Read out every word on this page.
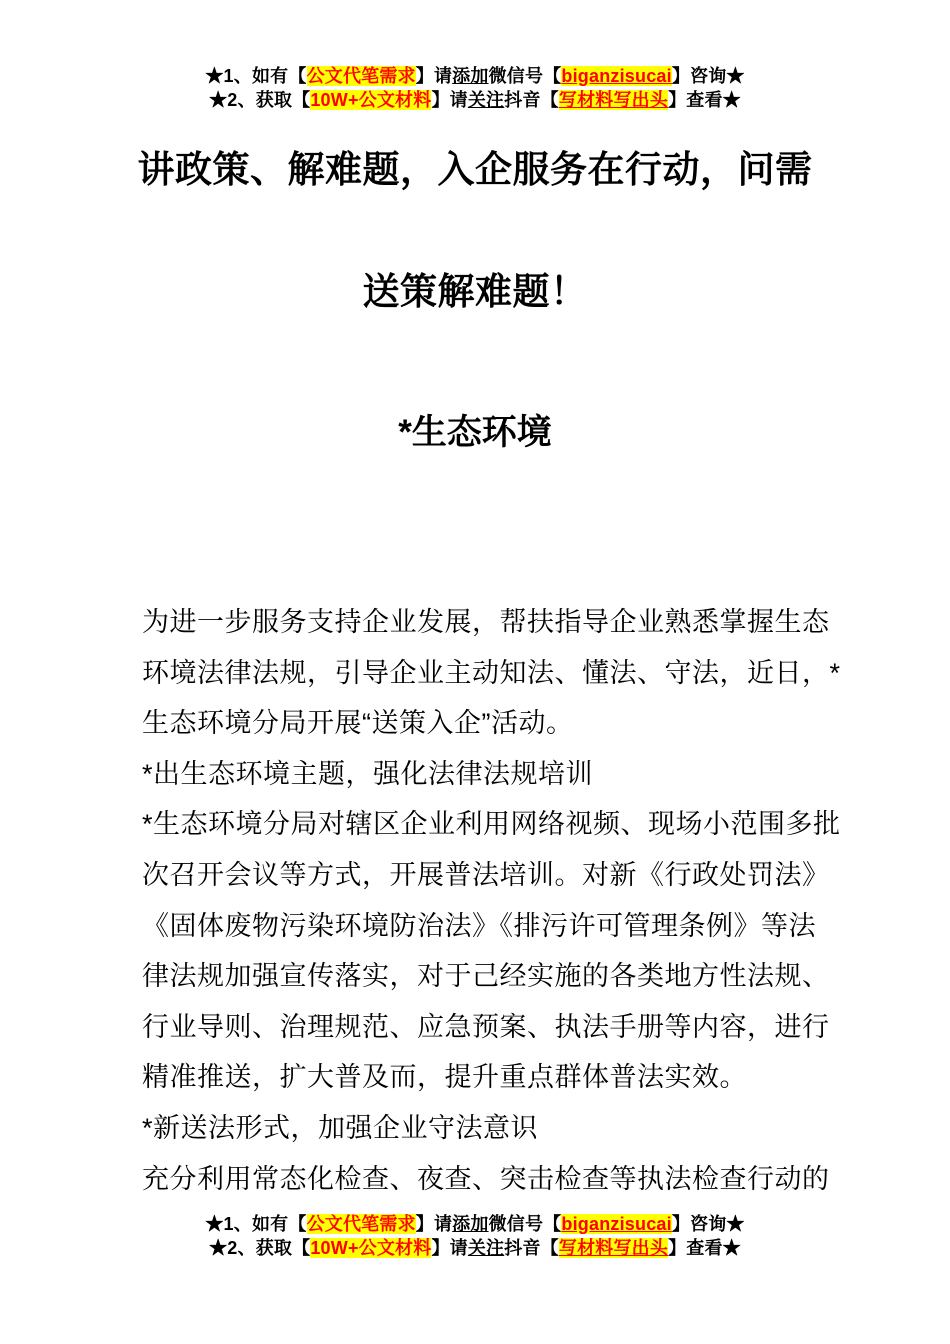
★1、如有【公文代笔需求】请添加微信号【biganzisucai】咨询★
★2、获取【10W+公文材料】请关注抖音【写材料写出头】查看★
讲政策、解难题，入企服务在行动，问需
送策解难题！
*生态环境
为进一步服务支持企业发展，帮扶指导企业熟悉掌握生态
环境法律法规，引导企业主动知法、懂法、守法，近日，*
生态环境分局开展“送策入企”活动。
*出生态环境主题，强化法律法规培训
*生态环境分局对辖区企业利用网络视频、现场小范围多批
次召开会议等方式，开展普法培训。对新《行政处罚法》
《固体废物污染环境防治法》《排污许可管理条例》等法
律法规加强宣传落实，对于己经实施的各类地方性法规、
行业导则、治理规范、应急预案、执法手册等内容，进行
精准推送，扩大普及而，提升重点群体普法实效。
*新送法形式，加强企业守法意识
充分利用常态化检查、夜查、突击检查等执法检查行动的
★1、如有【公文代笔需求】请添加微信号【biganzisucai】咨询★
★2、获取【10W+公文材料】请关注抖音【写材料写出头】查看★
